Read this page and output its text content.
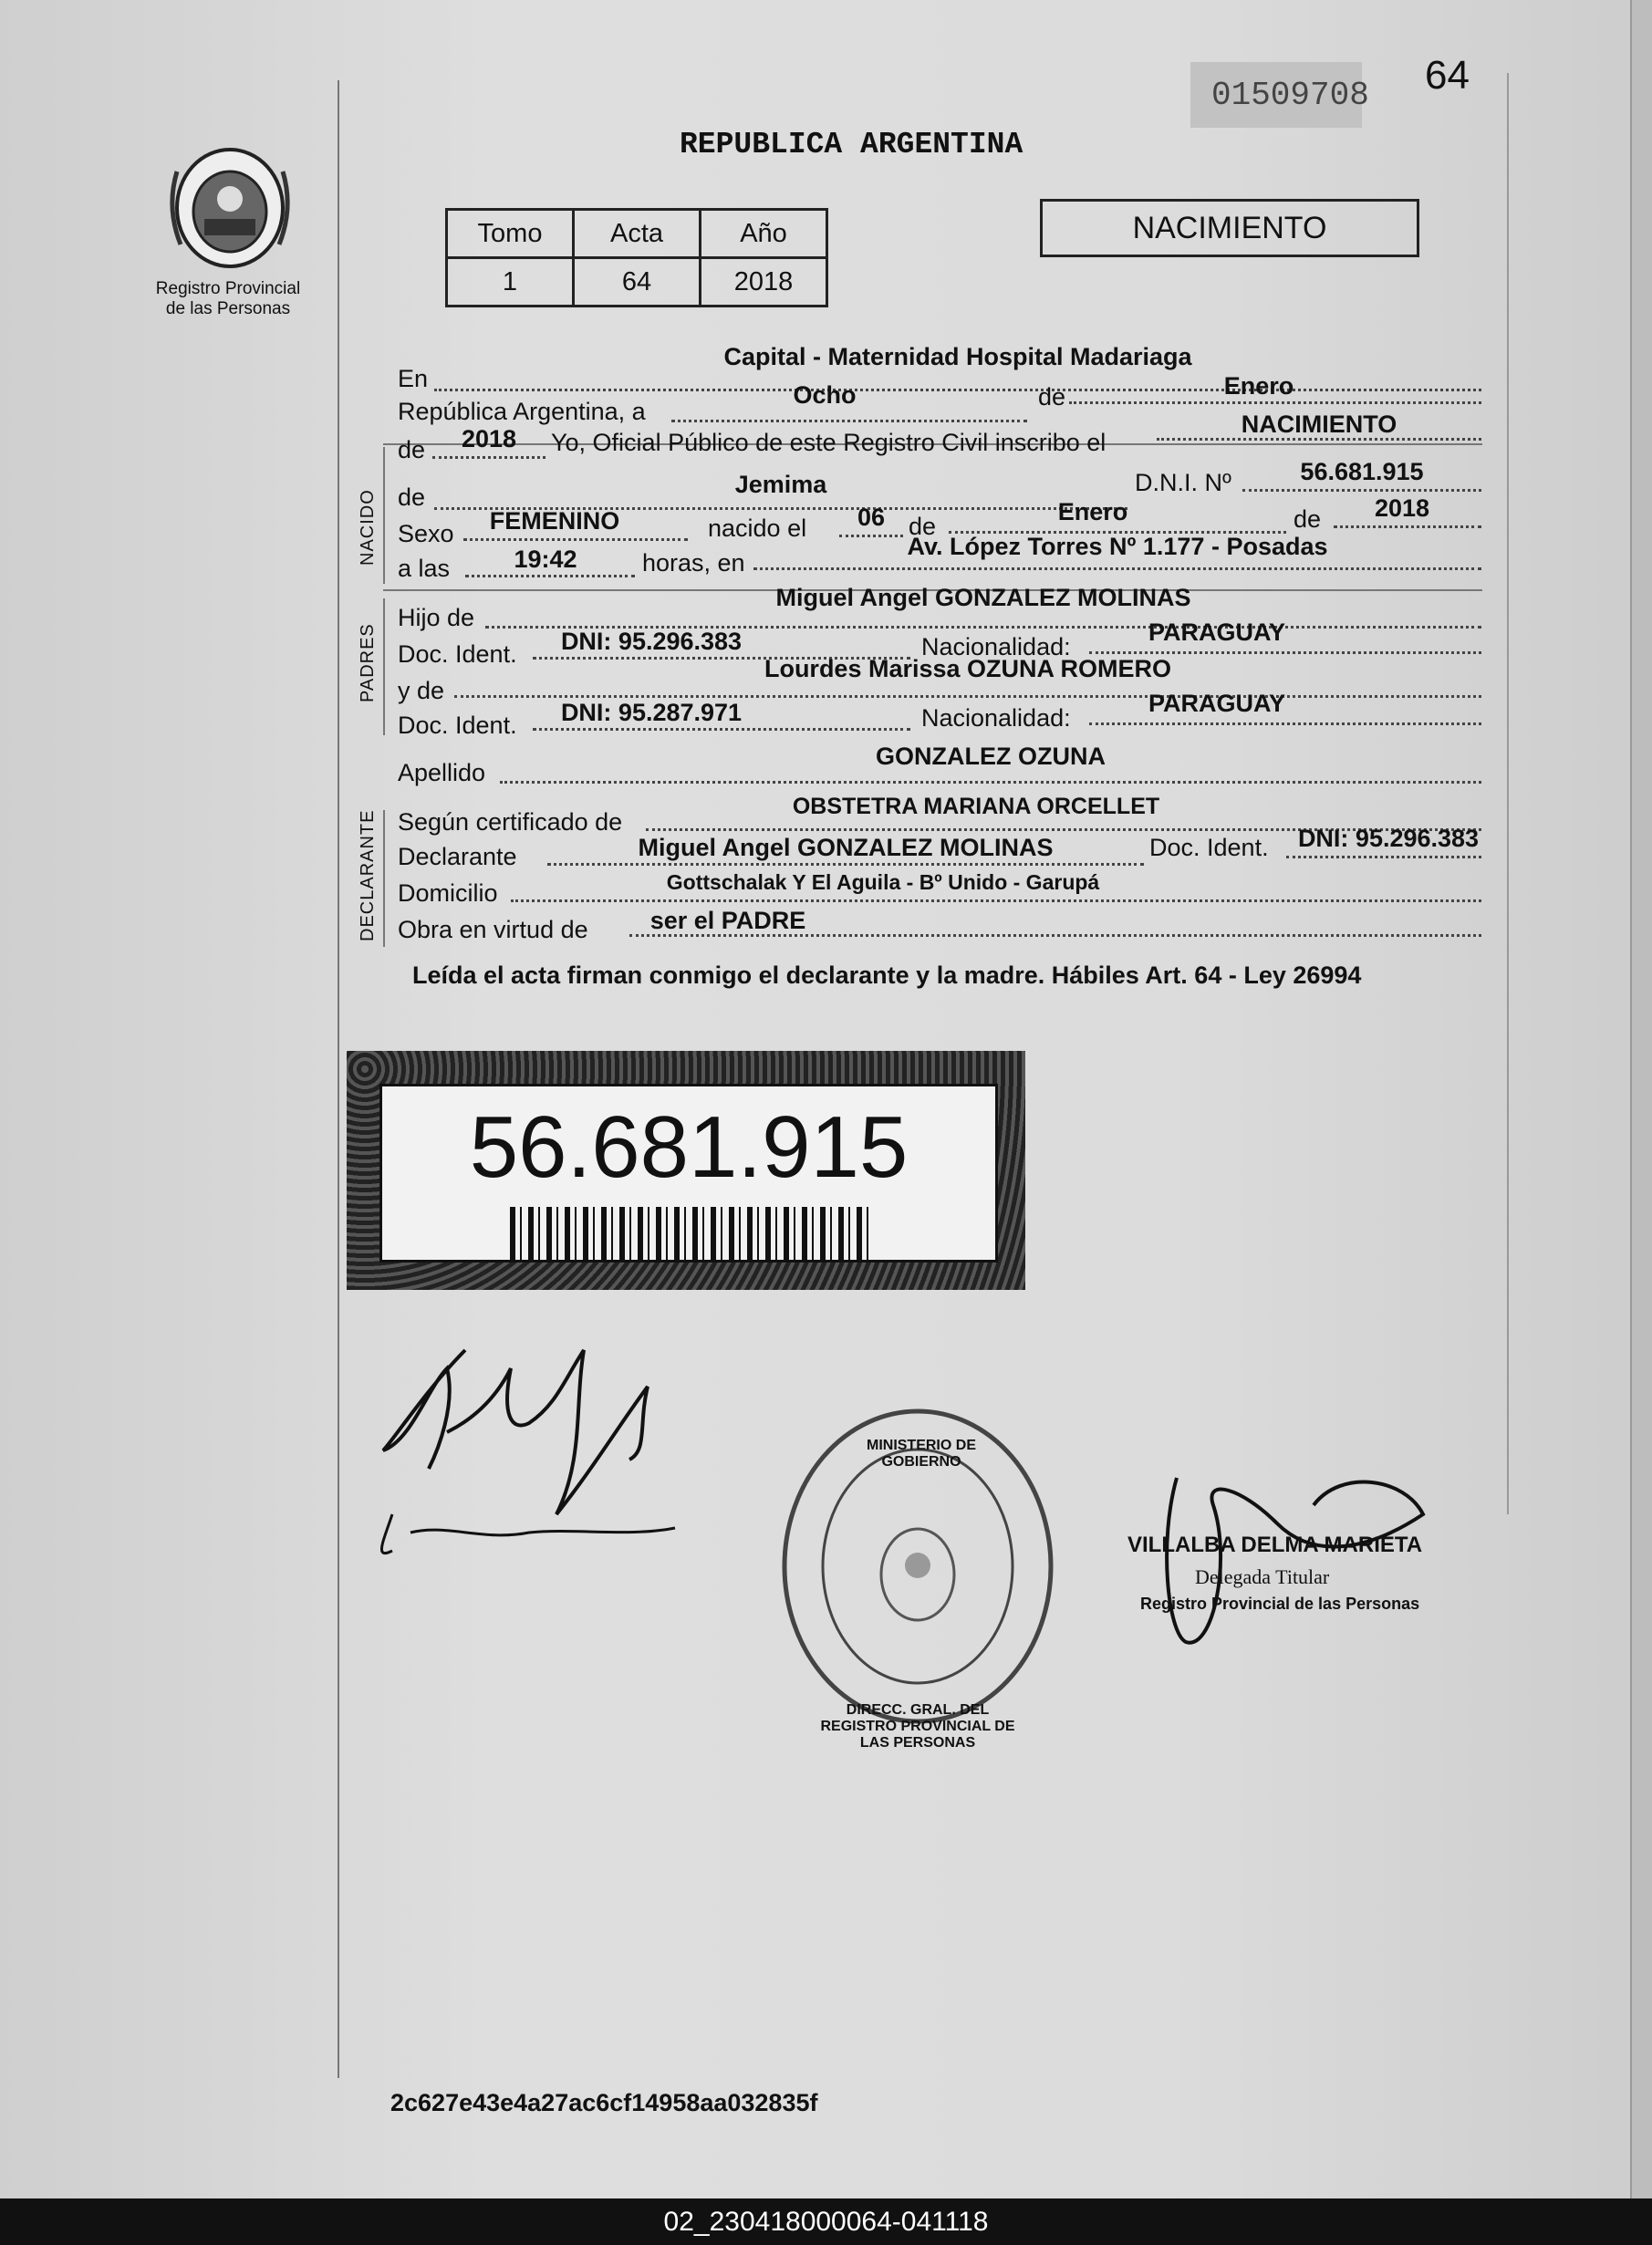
01509708 64
Registro Provincial
de las Personas
REPUBLICA ARGENTINA
Tomo	Acta	Año
1	64	2018
NACIMIENTO
NACIDO
PADRES
DECLARANTE
En
Capital - Maternidad Hospital Madariaga
República Argentina, a
Ocho	de	Enero
de	2018	Yo, Oficial Público de este Registro Civil inscribo el
NACIMIENTO
de	Jemima	D.N.I. Nº	56.681.915
Sexo	FEMENINO	nacido el	06 de
Enero	de	2018
a las	19:42	horas, en
Av. López Torres Nº 1.177 - Posadas
Hijo de
Miguel Angel GONZALEZ MOLINAS
Doc. Ident.	DNI: 95.296.383	Nacionalidad:
PARAGUAY
y de
Lourdes Marissa OZUNA ROMERO
Doc. Ident.	DNI: 95.287.971	Nacionalidad:
PARAGUAY
Apellido
GONZALEZ OZUNA
Según certificado de
OBSTETRA MARIANA ORCELLET
Declarante	Miguel Angel GONZALEZ MOLINAS	Doc. Ident.	DNI: 95.296.383
Domicilio	Gottschalak Y El Aguila - Bº Unido - Garupá
Obra en virtud de	ser el PADRE
Leída el acta firman conmigo el declarante y la madre. Hábiles Art. 64 - Ley 26994
56.681.915
DIRECC. GRAL. DEL REGISTRO PROVINCIAL DE LAS PERSONAS
MINISTERIO DE GOBIERNO
VILLALBA DELMA MARIETA
Delegada Titular
Registro Provincial de las Personas
2c627e43e4a27ac6cf14958aa032835f
02_230418000064-041118
